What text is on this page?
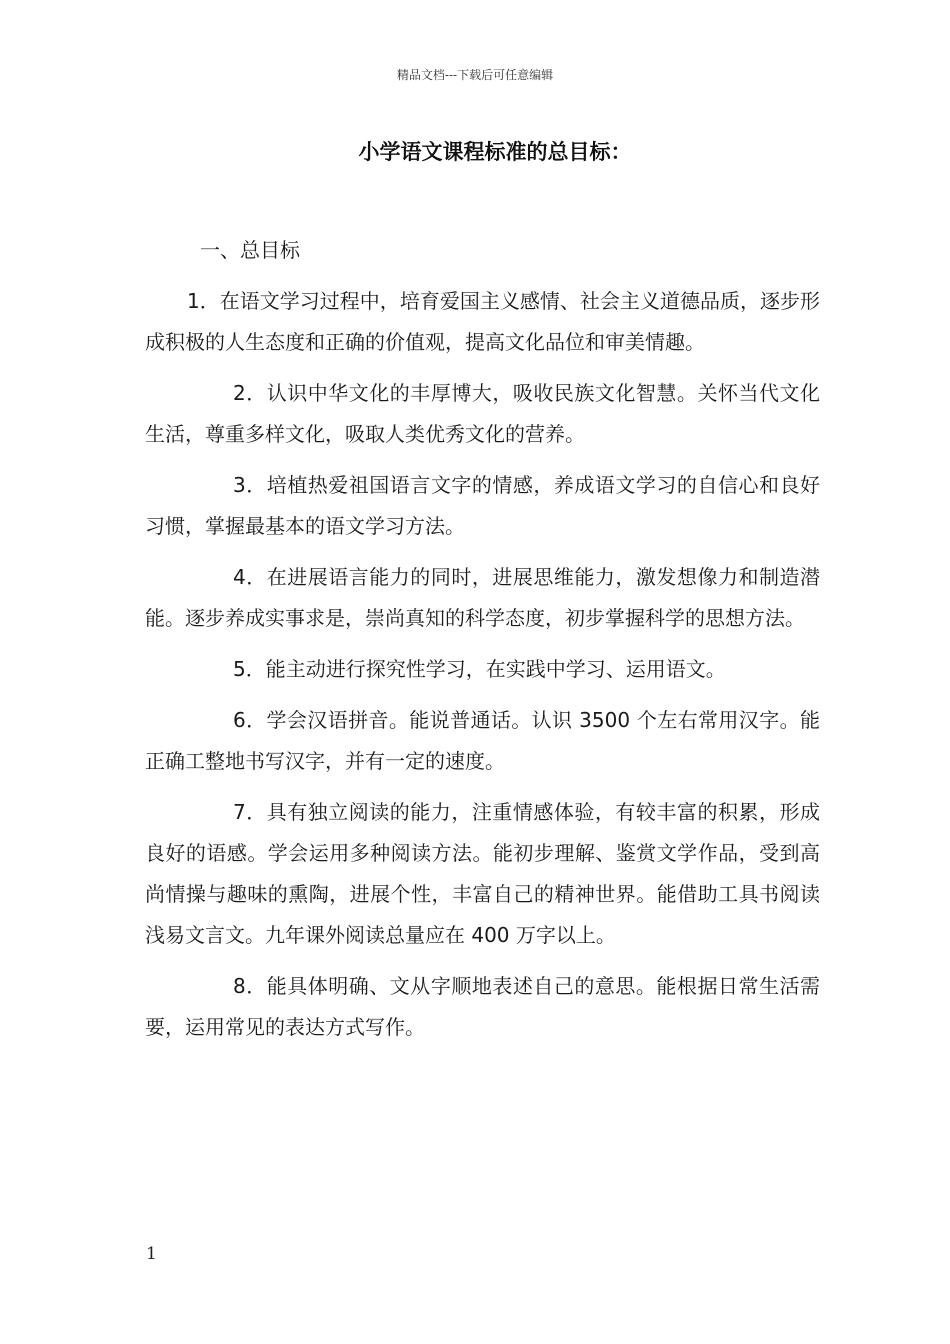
精品文档---下载后可任意编辑
小学语文课程标准的总目标：
一、总目标

1．在语文学习过程中，培育爱国主义感情、社会主义道德品质，逐步形成积极的人生态度和正确的价值观，提高文化品位和审美情趣。

2．认识中华文化的丰厚博大，吸收民族文化智慧。关怀当代文化生活，尊重多样文化，吸取人类优秀文化的营养。

3．培植热爱祖国语言文字的情感，养成语文学习的自信心和良好习惯，掌握最基本的语文学习方法。

4．在进展语言能力的同时，进展思维能力，激发想像力和制造潜能。逐步养成实事求是，崇尚真知的科学态度，初步掌握科学的思想方法。

5．能主动进行探究性学习，在实践中学习、运用语文。

6．学会汉语拼音。能说普通话。认识 3500 个左右常用汉字。能正确工整地书写汉字，并有一定的速度。

7．具有独立阅读的能力，注重情感体验，有较丰富的积累，形成良好的语感。学会运用多种阅读方法。能初步理解、鉴赏文学作品，受到高尚情操与趣味的熏陶，进展个性，丰富自己的精神世界。能借助工具书阅读浅易文言文。九年课外阅读总量应在 400 万字以上。

8．能具体明确、文从字顺地表述自己的意思。能根据日常生活需要，运用常见的表达方式写作。

1
